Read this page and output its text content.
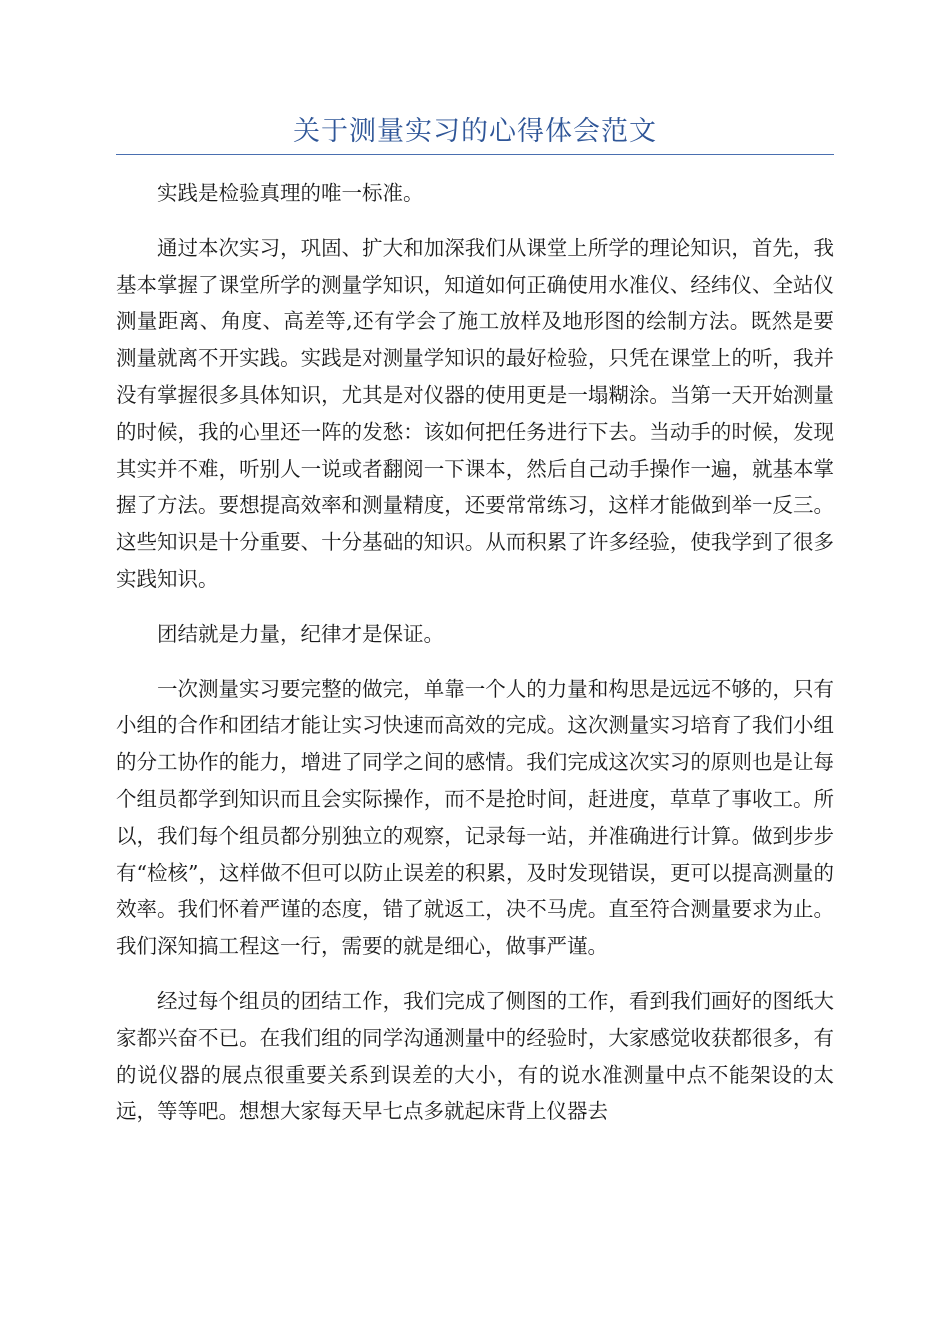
关于测量实习的心得体会范文

实践是检验真理的唯一标准。

通过本次实习，巩固、扩大和加深我们从课堂上所学的理论知识，首先，我基本掌握了课堂所学的测量学知识，知道如何正确使用水准仪、经纬仪、全站仪测量距离、角度、高差等,还有学会了施工放样及地形图的绘制方法。既然是要测量就离不开实践。实践是对测量学知识的最好检验，只凭在课堂上的听，我并没有掌握很多具体知识，尤其是对仪器的使用更是一塌糊涂。当第一天开始测量的时候，我的心里还一阵的发愁：该如何把任务进行下去。当动手的时候，发现其实并不难，听别人一说或者翻阅一下课本，然后自己动手操作一遍，就基本掌握了方法。要想提高效率和测量精度，还要常常练习，这样才能做到举一反三。这些知识是十分重要、十分基础的知识。从而积累了许多经验，使我学到了很多实践知识。

团结就是力量，纪律才是保证。

一次测量实习要完整的做完，单靠一个人的力量和构思是远远不够的，只有小组的合作和团结才能让实习快速而高效的完成。这次测量实习培育了我们小组的分工协作的能力，增进了同学之间的感情。我们完成这次实习的原则也是让每个组员都学到知识而且会实际操作，而不是抢时间，赶进度，草草了事收工。所以，我们每个组员都分别独立的观察，记录每一站，并准确进行计算。做到步步有“检核”，这样做不但可以防止误差的积累，及时发现错误，更可以提高测量的效率。我们怀着严谨的态度，错了就返工，决不马虎。直至符合测量要求为止。我们深知搞工程这一行，需要的就是细心，做事严谨。

经过每个组员的团结工作，我们完成了侧图的工作，看到我们画好的图纸大家都兴奋不已。在我们组的同学沟通测量中的经验时，大家感觉收获都很多，有的说仪器的展点很重要关系到误差的大小，有的说水准测量中点不能架设的太远，等等吧。想想大家每天早七点多就起床背上仪器去
